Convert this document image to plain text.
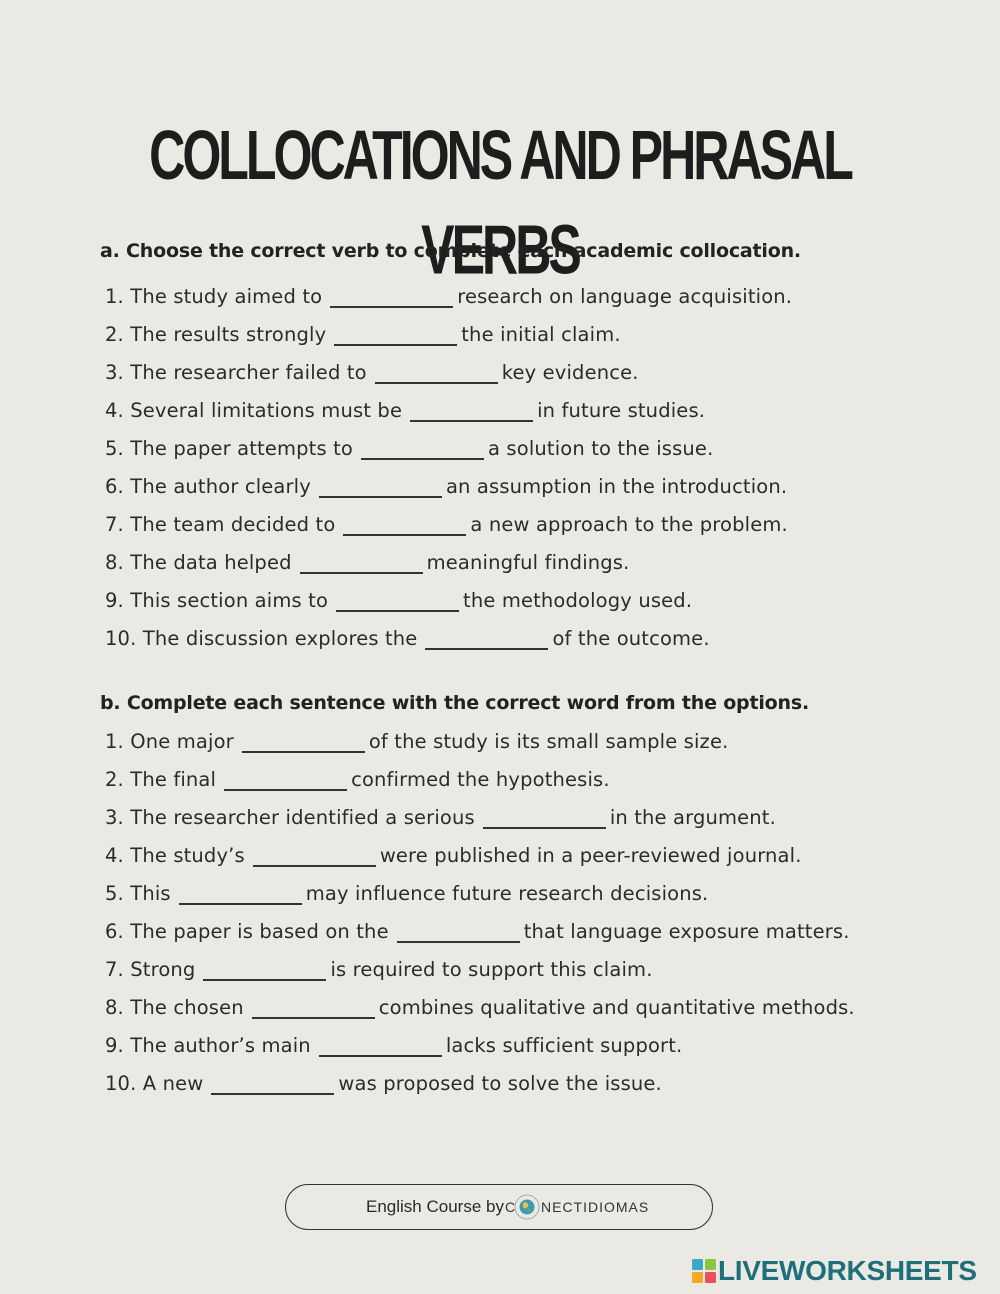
COLLOCATIONS AND PHRASAL VERBS
a. Choose the correct verb to complete each academic collocation.
1. The study aimed to	research on language acquisition.
2. The results strongly	the initial claim.
3. The researcher failed to	key evidence.
4. Several limitations must be	in future studies.
5. The paper attempts to	a solution to the issue.
6. The author clearly	an assumption in the introduction.
7. The team decided to	a new approach to the problem.
8. The data helped	meaningful findings.
9. This section aims to	the methodology used.
10. The discussion explores the	of the outcome.
b. Complete each sentence with the correct word from the options.
1. One major	of the study is its small sample size.
2. The final	confirmed the hypothesis.
3. The researcher identified a serious	in the argument.
4. The study’s	were published in a peer-reviewed journal.
5. This	may influence future research decisions.
6. The paper is based on the	that language exposure matters.
7. Strong	is required to support this claim.
8. The chosen	combines qualitative and quantitative methods.
9. The author’s main	lacks sufficient support.
10. A new	was proposed to solve the issue.
English Course by C NECTIDIOMAS
LIVEWORKSHEETS
